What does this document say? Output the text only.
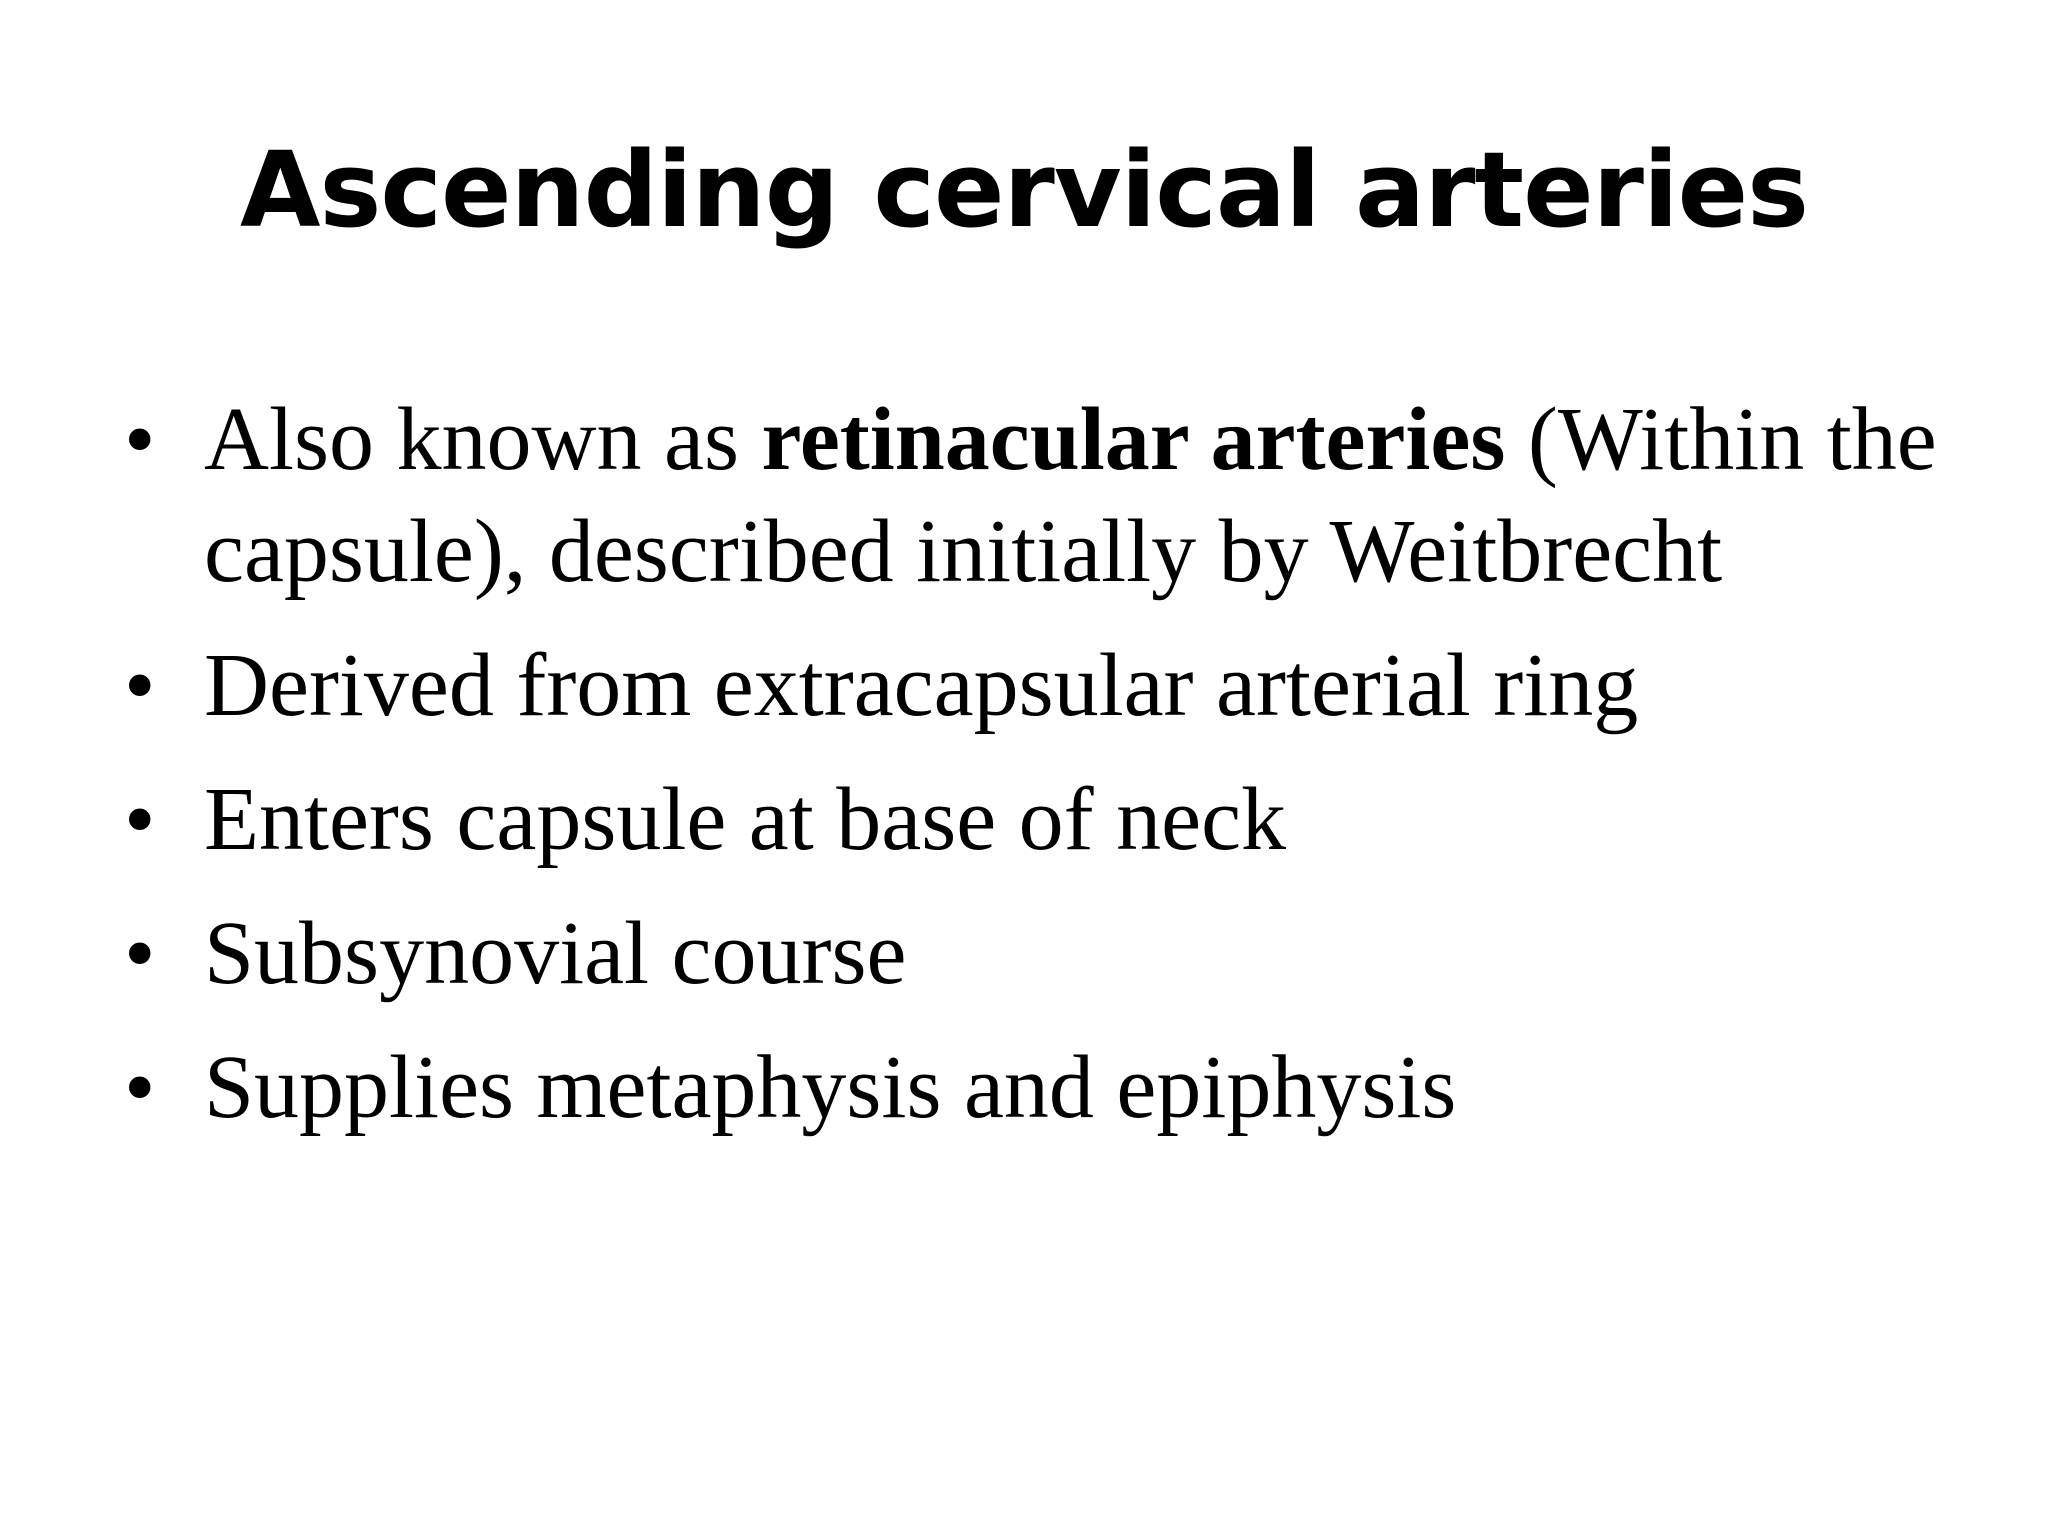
Ascending cervical arteries
• Also known as retinacular arteries (Within the capsule), described initially by Weitbrecht
• Derived from extracapsular arterial ring
• Enters capsule at base of neck
• Subsynovial course
• Supplies metaphysis and epiphysis
